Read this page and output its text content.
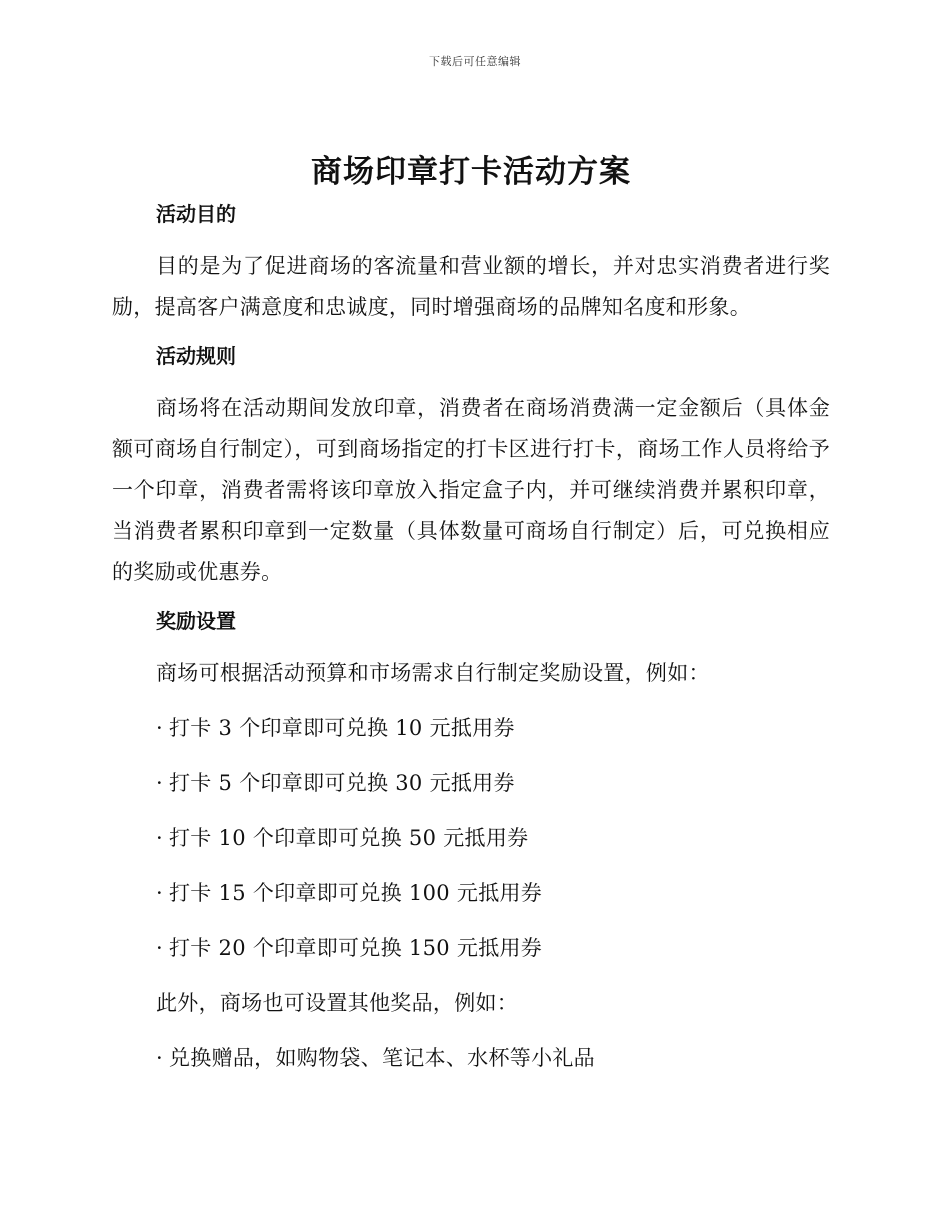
下载后可任意编辑
商场印章打卡活动方案
活动目的

目的是为了促进商场的客流量和营业额的增长，并对忠实消费者进行奖励，提高客户满意度和忠诚度，同时增强商场的品牌知名度和形象。

活动规则

商场将在活动期间发放印章，消费者在商场消费满一定金额后（具体金额可商场自行制定），可到商场指定的打卡区进行打卡，商场工作人员将给予一个印章，消费者需将该印章放入指定盒子内，并可继续消费并累积印章，当消费者累积印章到一定数量（具体数量可商场自行制定）后，可兑换相应的奖励或优惠券。

奖励设置

商场可根据活动预算和市场需求自行制定奖励设置，例如：

· 打卡 3 个印章即可兑换 10 元抵用券

· 打卡 5 个印章即可兑换 30 元抵用券

· 打卡 10 个印章即可兑换 50 元抵用券

· 打卡 15 个印章即可兑换 100 元抵用券

· 打卡 20 个印章即可兑换 150 元抵用券

此外，商场也可设置其他奖品，例如：

· 兑换赠品，如购物袋、笔记本、水杯等小礼品
